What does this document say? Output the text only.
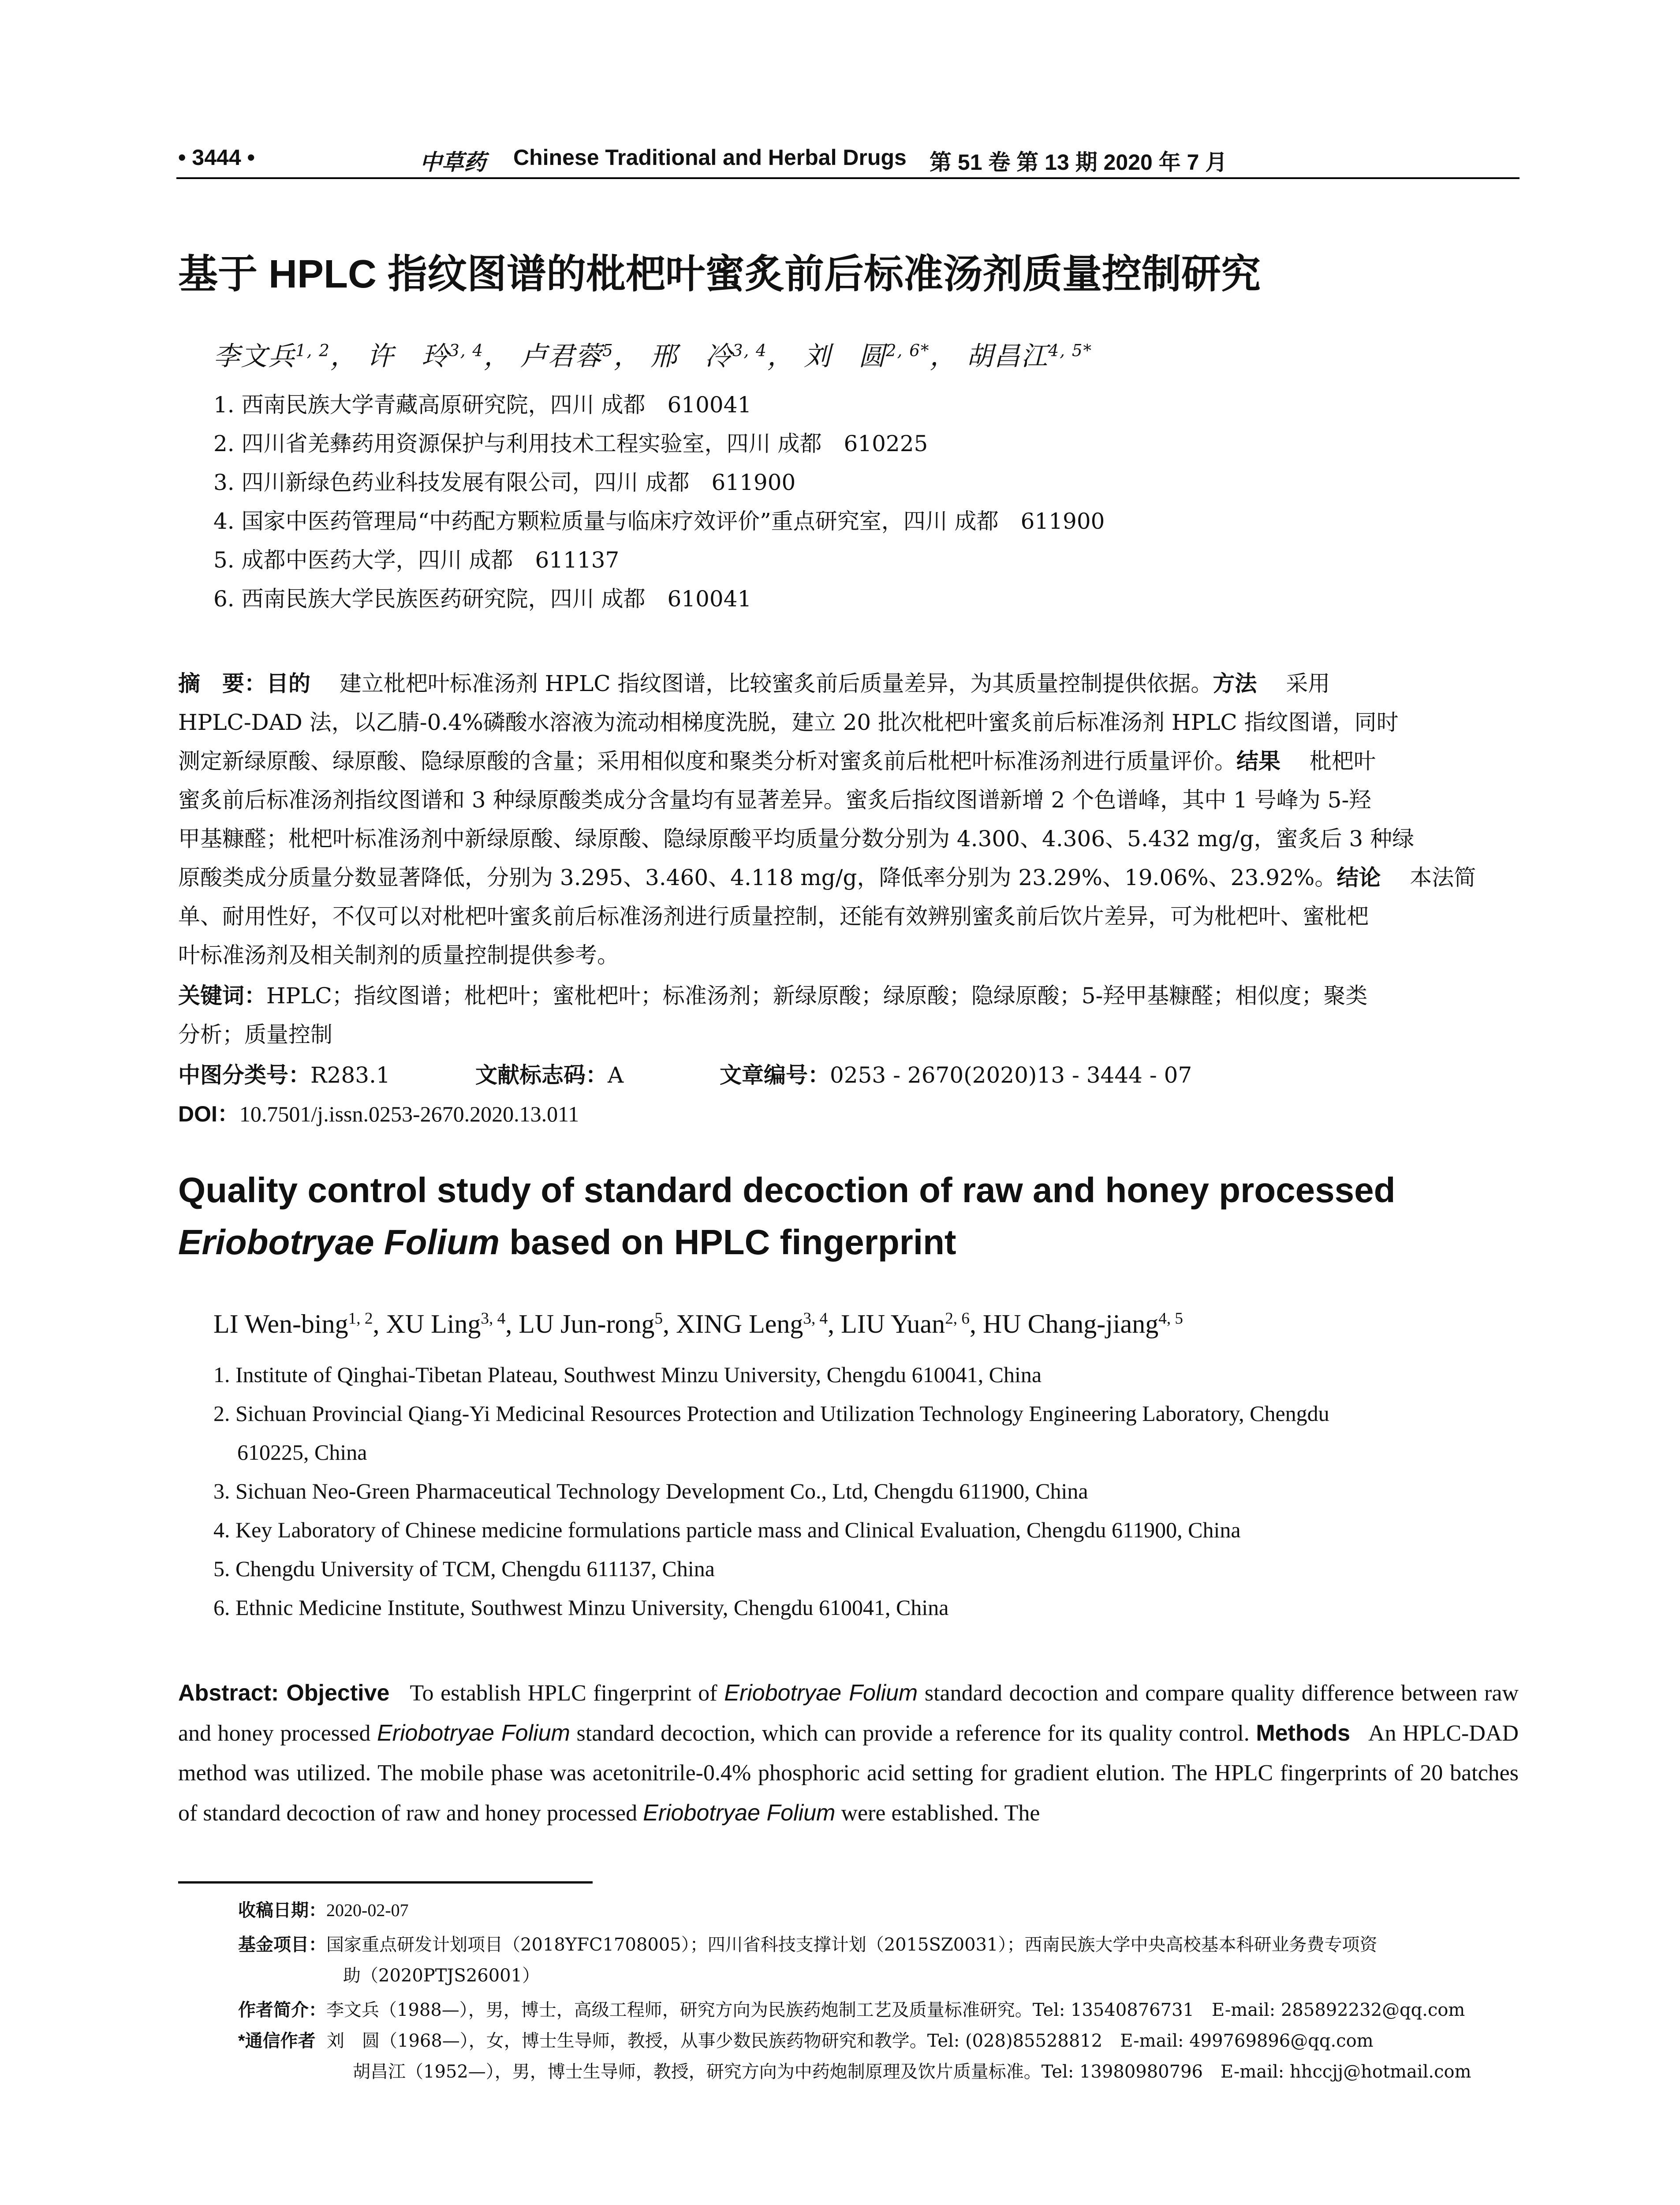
• 3444 •	中草药 Chinese Traditional and Herbal Drugs 第 51 卷 第 13 期 2020 年 7 月
基于 HPLC 指纹图谱的枇杷叶蜜炙前后标准汤剂质量控制研究
李文兵$^{1, 2}$， 许　玲$^{3, 4}$， 卢君蓉$^5$， 邢　冷$^{3, 4}$， 刘　圆$^{2, 6*}$， 胡昌江$^{4, 5*}$
1. 西南民族大学青藏高原研究院，四川 成都　610041
2. 四川省羌彝药用资源保护与利用技术工程实验室，四川 成都　610225
3. 四川新绿色药业科技发展有限公司，四川 成都　611900
4. 国家中医药管理局“中药配方颗粒质量与临床疗效评价”重点研究室，四川 成都　611900
5. 成都中医药大学，四川 成都　611137
6. 西南民族大学民族医药研究院，四川 成都　610041
摘　要：目的　 建立枇杷叶标准汤剂 HPLC 指纹图谱，比较蜜炙前后质量差异，为其质量控制提供依据。方法　 采用
HPLC-DAD 法，以乙腈-0.4%磷酸水溶液为流动相梯度洗脱，建立 20 批次枇杷叶蜜炙前后标准汤剂 HPLC 指纹图谱，同时
测定新绿原酸、绿原酸、隐绿原酸的含量；采用相似度和聚类分析对蜜炙前后枇杷叶标准汤剂进行质量评价。结果　 枇杷叶
蜜炙前后标准汤剂指纹图谱和 3 种绿原酸类成分含量均有显著差异。蜜炙后指纹图谱新增 2 个色谱峰，其中 1 号峰为 5-羟
甲基糠醛；枇杷叶标准汤剂中新绿原酸、绿原酸、隐绿原酸平均质量分数分别为 4.300、4.306、5.432 mg/g，蜜炙后 3 种绿
原酸类成分质量分数显著降低，分别为 3.295、3.460、4.118 mg/g，降低率分别为 23.29%、19.06%、23.92%。结论　 本法简
单、耐用性好，不仅可以对枇杷叶蜜炙前后标准汤剂进行质量控制，还能有效辨别蜜炙前后饮片差异，可为枇杷叶、蜜枇杷
叶标准汤剂及相关制剂的质量控制提供参考。
关键词：HPLC；指纹图谱；枇杷叶；蜜枇杷叶；标准汤剂；新绿原酸；绿原酸；隐绿原酸；5-羟甲基糠醛；相似度；聚类
分析；质量控制
中图分类号：R283.1	文献标志码：A	文章编号：0253 - 2670(2020)13 - 3444 - 07
DOI：10.7501/j.issn.0253-2670.2020.13.011
Quality control study of standard decoction of raw and honey processed
Eriobotryae Folium based on HPLC fingerprint
LI Wen-bing$^{1, 2}$, XU Ling$^{3, 4}$, LU Jun-rong$^5$, XING Leng$^{3, 4}$, LIU Yuan$^{2, 6}$, HU Chang-jiang$^{4, 5}$
1. Institute of Qinghai-Tibetan Plateau, Southwest Minzu University, Chengdu 610041, China
2. Sichuan Provincial Qiang-Yi Medicinal Resources Protection and Utilization Technology Engineering Laboratory, Chengdu
610225, China
3. Sichuan Neo-Green Pharmaceutical Technology Development Co., Ltd, Chengdu 611900, China
4. Key Laboratory of Chinese medicine formulations particle mass and Clinical Evaluation, Chengdu 611900, China
5. Chengdu University of TCM, Chengdu 611137, China
6. Ethnic Medicine Institute, Southwest Minzu University, Chengdu 610041, China

Abstract: Objective To establish HPLC fingerprint of Eriobotryae Folium standard decoction and compare quality difference between raw and honey processed Eriobotryae Folium standard decoction, which can provide a reference for its quality control. Methods An HPLC-DAD method was utilized. The mobile phase was acetonitrile-0.4% phosphoric acid setting for gradient elution. The HPLC fingerprints of 20 batches of standard decoction of raw and honey processed Eriobotryae Folium were established. The

收稿日期：2020-02-07
基金项目：国家重点研发计划项目（2018YFC1708005）；四川省科技支撑计划（2015SZ0031）；西南民族大学中央高校基本科研业务费专项资
助（2020PTJS26001）
作者简介：李文兵（1988—），男，博士，高级工程师，研究方向为民族药炮制工艺及质量标准研究。Tel: 13540876731　E-mail: 285892232@qq.com
*通信作者 刘　圆（1968—），女，博士生导师，教授，从事少数民族药物研究和教学。Tel: (028)85528812　E-mail: 499769896@qq.com
胡昌江（1952—），男，博士生导师，教授，研究方向为中药炮制原理及饮片质量标准。Tel: 13980980796　E-mail: hhccjj@hotmail.com
